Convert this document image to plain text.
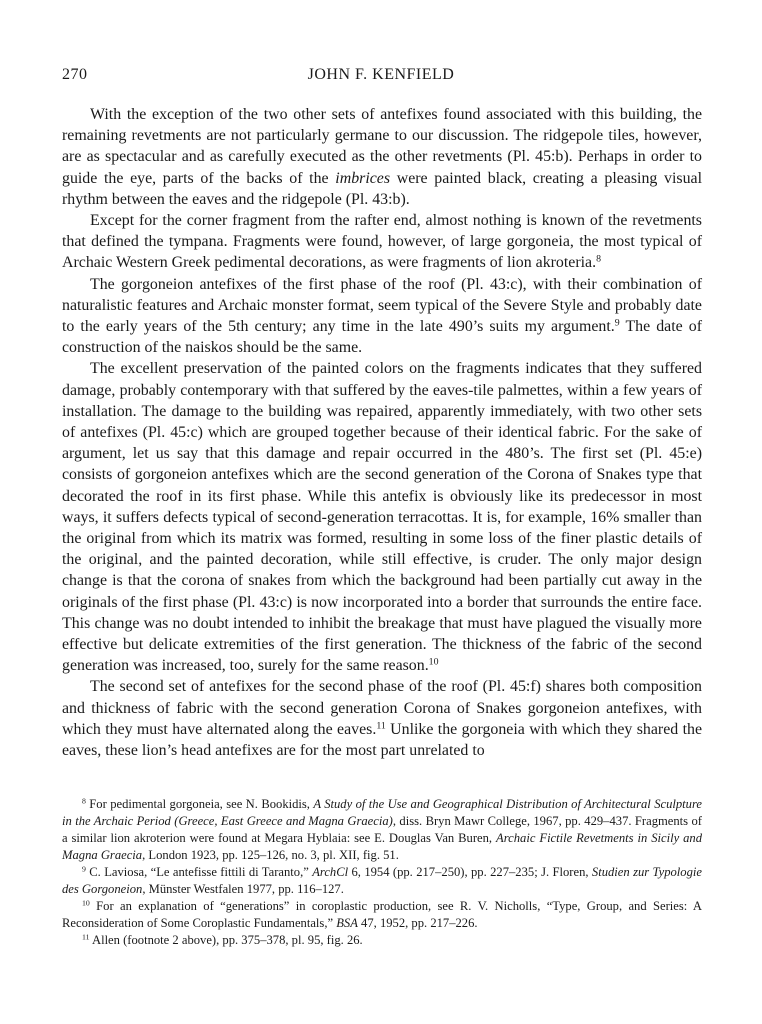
270	JOHN F. KENFIELD

With the exception of the two other sets of antefixes found associated with this building, the remaining revetments are not particularly germane to our discussion. The ridgepole tiles, however, are as spectacular and as carefully executed as the other revetments (Pl. 45:b). Perhaps in order to guide the eye, parts of the backs of the imbrices were painted black, creating a pleasing visual rhythm between the eaves and the ridgepole (Pl. 43:b).

Except for the corner fragment from the rafter end, almost nothing is known of the revetments that defined the tympana. Fragments were found, however, of large gorgoneia, the most typical of Archaic Western Greek pedimental decorations, as were fragments of lion akroteria.$^8$

The gorgoneion antefixes of the first phase of the roof (Pl. 43:c), with their combination of naturalistic features and Archaic monster format, seem typical of the Severe Style and probably date to the early years of the 5th century; any time in the late 490’s suits my argument.$^9$ The date of construction of the naiskos should be the same.

The excellent preservation of the painted colors on the fragments indicates that they suffered damage, probably contemporary with that suffered by the eaves-tile palmettes, within a few years of installation. The damage to the building was repaired, apparently immediately, with two other sets of antefixes (Pl. 45:c) which are grouped together because of their identical fabric. For the sake of argument, let us say that this damage and repair occurred in the 480’s. The first set (Pl. 45:e) consists of gorgoneion antefixes which are the second generation of the Corona of Snakes type that decorated the roof in its first phase. While this antefix is obviously like its predecessor in most ways, it suffers defects typical of second-generation terracottas. It is, for example, 16% smaller than the original from which its matrix was formed, resulting in some loss of the finer plastic details of the original, and the painted decoration, while still effective, is cruder. The only major design change is that the corona of snakes from which the background had been partially cut away in the originals of the first phase (Pl. 43:c) is now incorporated into a border that surrounds the entire face. This change was no doubt intended to inhibit the breakage that must have plagued the visually more effective but delicate extremities of the first generation. The thickness of the fabric of the second generation was increased, too, surely for the same reason.$^{10}$

The second set of antefixes for the second phase of the roof (Pl. 45:f) shares both composition and thickness of fabric with the second generation Corona of Snakes gorgoneion antefixes, with which they must have alternated along the eaves.$^{11}$ Unlike the gorgoneia with which they shared the eaves, these lion’s head antefixes are for the most part unrelated to

$^8$ For pedimental gorgoneia, see N. Bookidis, A Study of the Use and Geographical Distribution of Architectural Sculpture in the Archaic Period (Greece, East Greece and Magna Graecia), diss. Bryn Mawr College, 1967, pp. 429–437. Fragments of a similar lion akroterion were found at Megara Hyblaia: see E. Douglas Van Buren, Archaic Fictile Revetments in Sicily and Magna Graecia, London 1923, pp. 125–126, no. 3, pl. XII, fig. 51.

$^9$ C. Laviosa, “Le antefisse fittili di Taranto,” ArchCl 6, 1954 (pp. 217–250), pp. 227–235; J. Floren, Studien zur Typologie des Gorgoneion, Münster Westfalen 1977, pp. 116–127.

$^{10}$ For an explanation of “generations” in coroplastic production, see R. V. Nicholls, “Type, Group, and Series: A Reconsideration of Some Coroplastic Fundamentals,” BSA 47, 1952, pp. 217–226.

$^{11}$ Allen (footnote 2 above), pp. 375–378, pl. 95, fig. 26.
